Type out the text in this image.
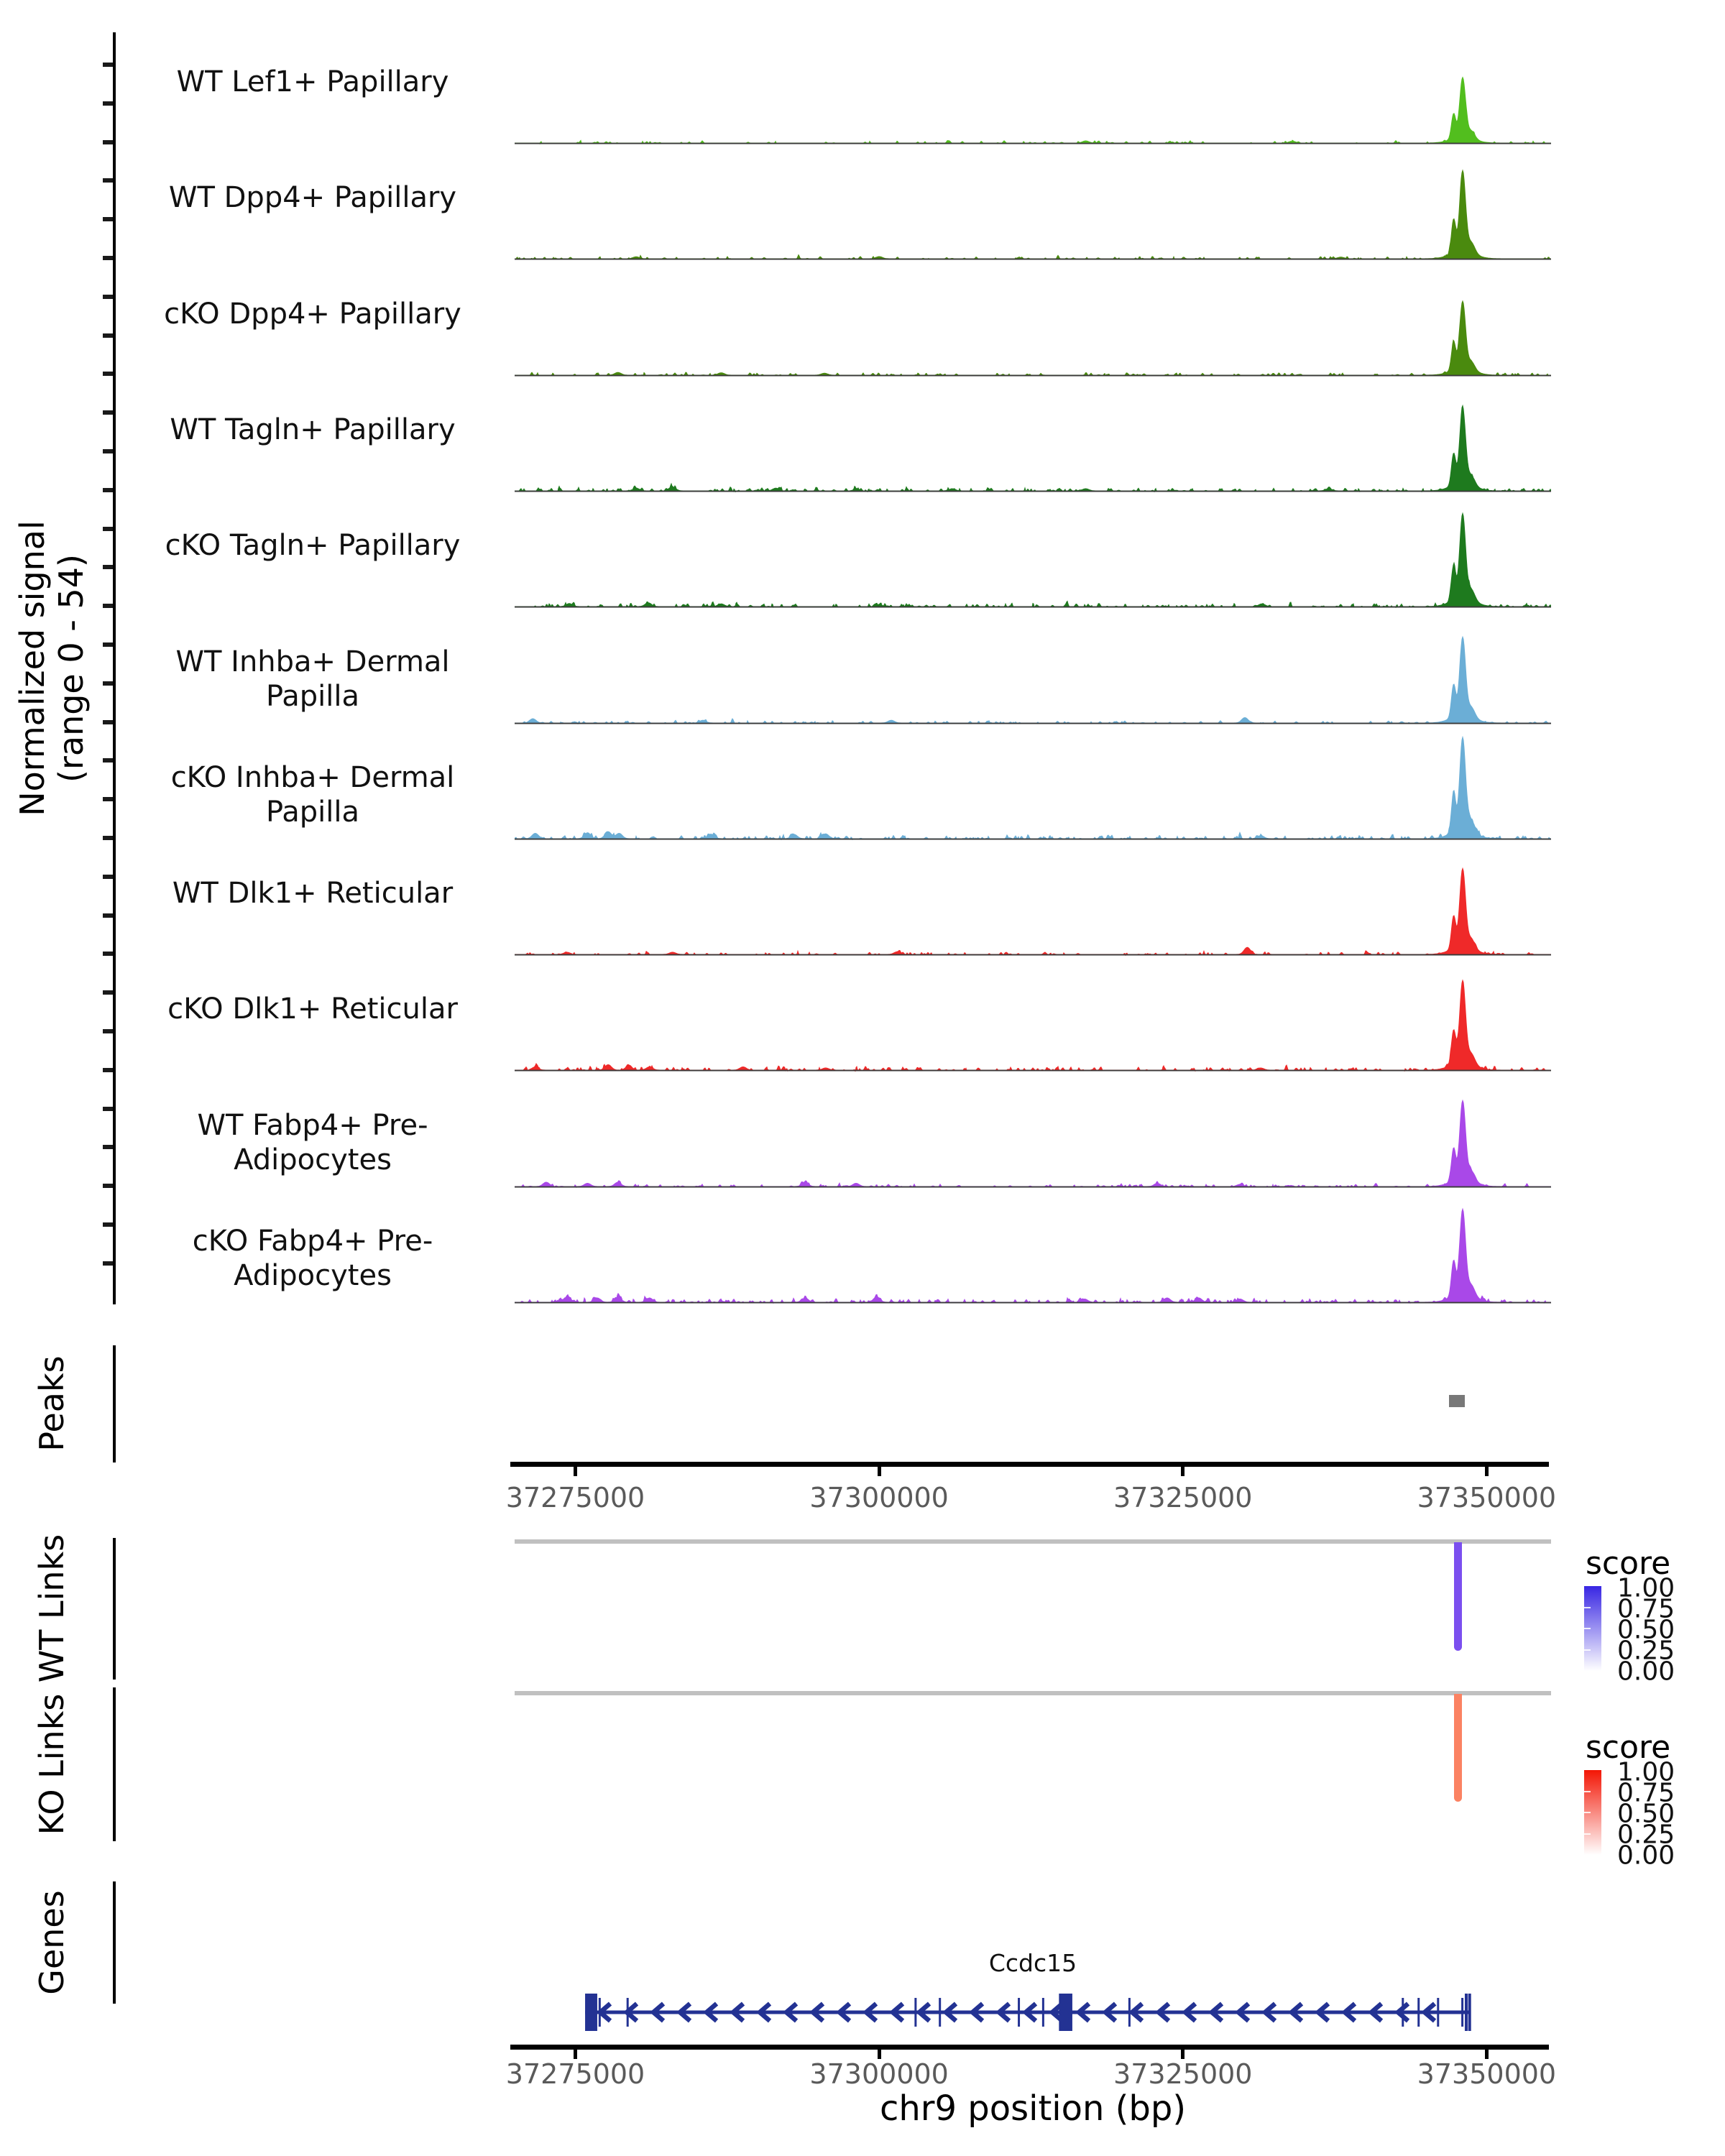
Normalized signal
(range 0 - 54)
WT Lef1+ Papillary
WT Dpp4+ Papillary
cKO Dpp4+ Papillary
WT Tagln+ Papillary
cKO Tagln+ Papillary
WT Inhba+ Dermal Papilla
cKO Inhba+ Dermal Papilla
WT Dlk1+ Reticular
cKO Dlk1+ Reticular
WT Fabp4+ Pre-Adipocytes
cKO Fabp4+ Pre-Adipocytes
Peaks
37275000	37300000	37325000	37350000
WT Links
KO Links
score
1.00
0.75
0.50
0.25
0.00
score
1.00
0.75
0.50
0.25
0.00
Genes	Ccdc15
37275000	37300000	37325000	37350000
chr9 position (bp)
